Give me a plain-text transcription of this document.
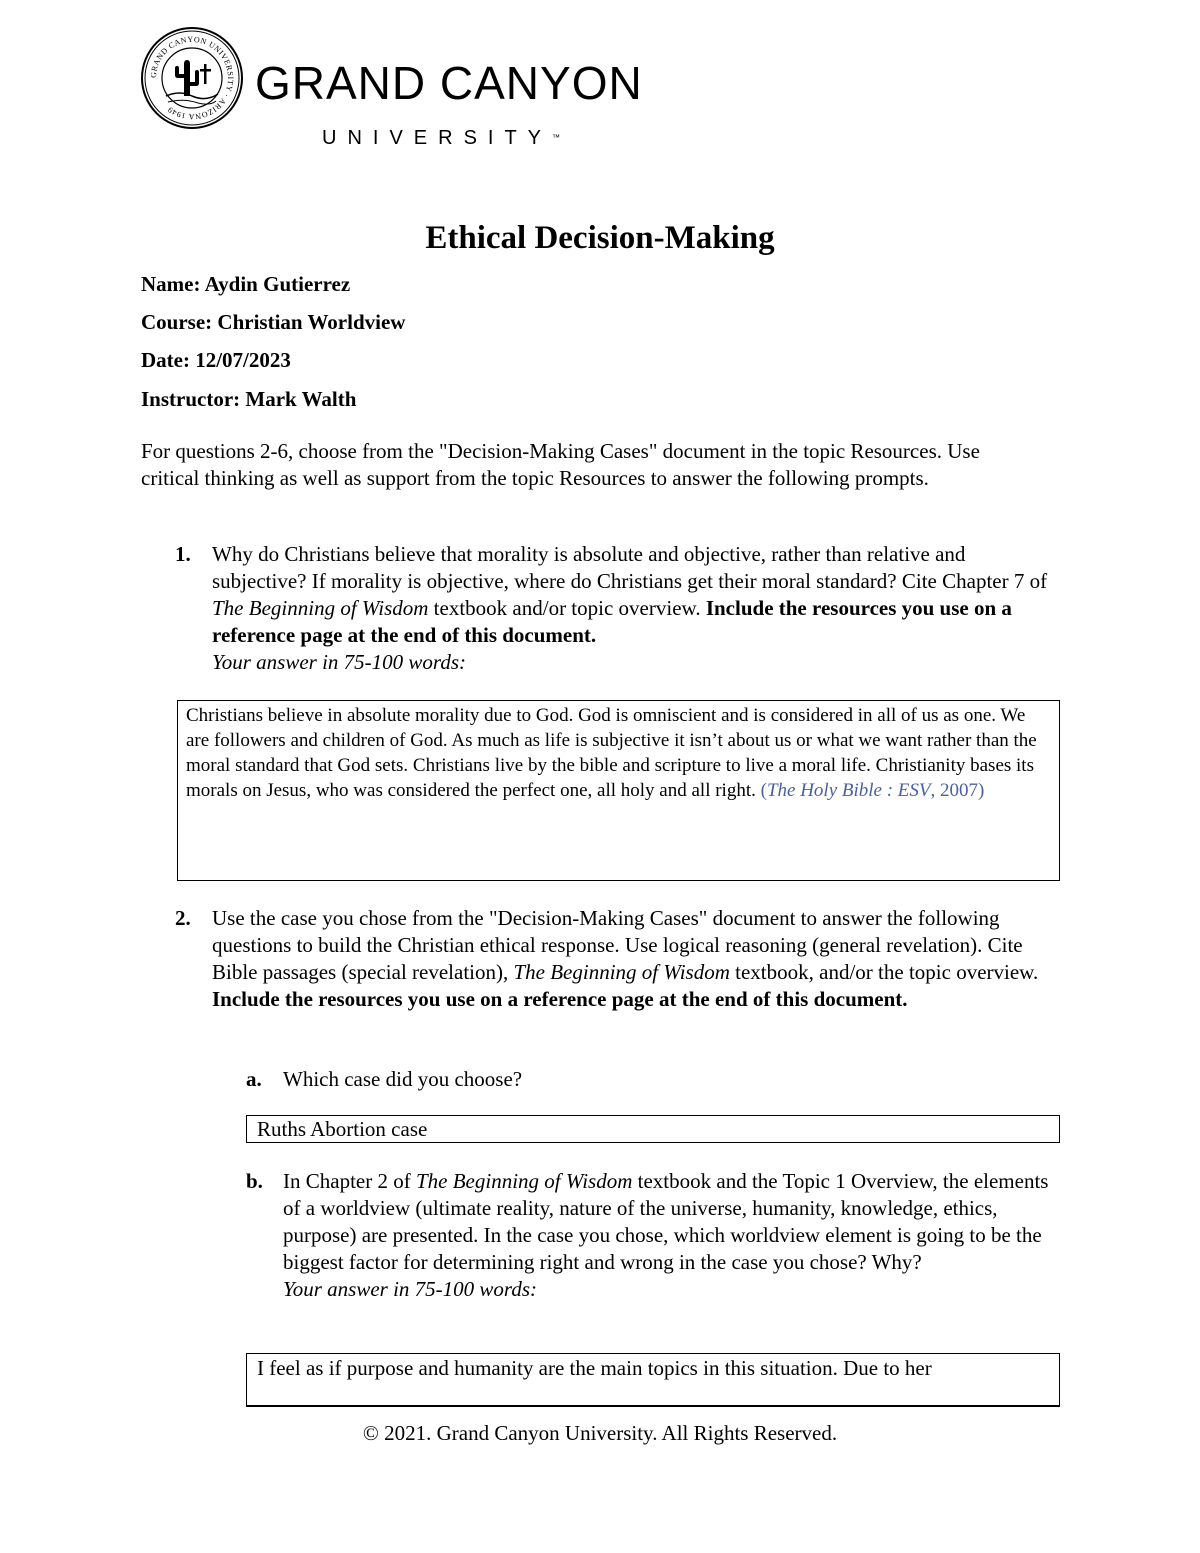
GRAND CANYON UNIVERSITY · ARIZONA 1949
GRAND CANYON
UNIVERSITY™
Ethical Decision-Making
Name: Aydin Gutierrez
Course: Christian Worldview
Date: 12/07/2023
Instructor: Mark Walth
For questions 2-6, choose from the "Decision-Making Cases" document in the topic Resources. Use critical thinking as well as support from the topic Resources to answer the following prompts.
1. Why do Christians believe that morality is absolute and objective, rather than relative and subjective? If morality is objective, where do Christians get their moral standard? Cite Chapter 7 of The Beginning of Wisdom textbook and/or topic overview. Include the resources you use on a reference page at the end of this document.
Your answer in 75-100 words:
Christians believe in absolute morality due to God. God is omniscient and is considered in all of us as one. We are followers and children of God. As much as life is subjective it isn’t about us or what we want rather than the moral standard that God sets. Christians live by the bible and scripture to live a moral life. Christianity bases its morals on Jesus, who was considered the perfect one, all holy and all right. (The Holy Bible : ESV, 2007)
2. Use the case you chose from the "Decision-Making Cases" document to answer the following questions to build the Christian ethical response. Use logical reasoning (general revelation). Cite Bible passages (special revelation), The Beginning of Wisdom textbook, and/or the topic overview. Include the resources you use on a reference page at the end of this document.
a. Which case did you choose?
Ruths Abortion case
b. In Chapter 2 of The Beginning of Wisdom textbook and the Topic 1 Overview, the elements of a worldview (ultimate reality, nature of the universe, humanity, knowledge, ethics, purpose) are presented. In the case you chose, which worldview element is going to be the biggest factor for determining right and wrong in the case you chose? Why?
Your answer in 75-100 words:
I feel as if purpose and humanity are the main topics in this situation. Due to her
© 2021. Grand Canyon University. All Rights Reserved.
